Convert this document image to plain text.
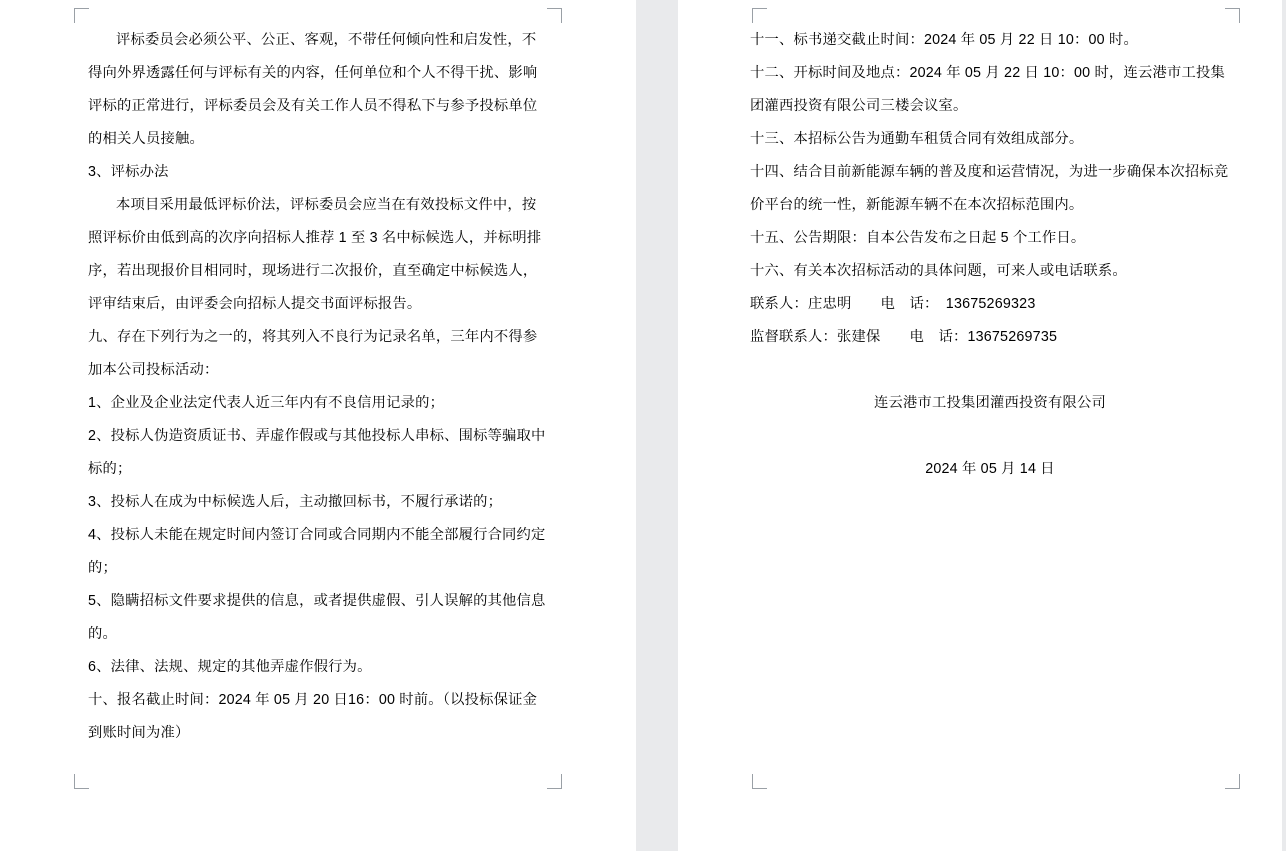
评标委员会必须公平、公正、客观，不带任何倾向性和启发性，不得向外界透露任何与评标有关的内容，任何单位和个人不得干扰、影响评标的正常进行，评标委员会及有关工作人员不得私下与参予投标单位的相关人员接触。

3、评标办法

本项目采用最低评标价法，评标委员会应当在有效投标文件中，按照评标价由低到高的次序向招标人推荐 1 至 3 名中标候选人，并标明排序，若出现报价目相同时，现场进行二次报价，直至确定中标候选人，评审结束后，由评委会向招标人提交书面评标报告。

九、存在下列行为之一的，将其列入不良行为记录名单，三年内不得参加本公司投标活动：

1、企业及企业法定代表人近三年内有不良信用记录的；

2、投标人伪造资质证书、弄虚作假或与其他投标人串标、围标等骗取中标的；

3、投标人在成为中标候选人后，主动撤回标书，不履行承诺的；

4、投标人未能在规定时间内签订合同或合同期内不能全部履行合同约定的；

5、隐瞒招标文件要求提供的信息，或者提供虚假、引人误解的其他信息的。

6、法律、法规、规定的其他弄虚作假行为。

十、报名截止时间：2024 年 05 月 20 日16：00 时前。（以投标保证金到账时间为准）

十一、标书递交截止时间：2024 年 05 月 22 日 10：00 时。

十二、开标时间及地点：2024 年 05 月 22 日 10：00 时，连云港市工投集团灌西投资有限公司三楼会议室。

十三、本招标公告为通勤车租赁合同有效组成部分。

十四、结合目前新能源车辆的普及度和运营情况，为进一步确保本次招标竞价平台的统一性，新能源车辆不在本次招标范围内。

十五、公告期限：自本公告发布之日起 5 个工作日。

十六、有关本次招标活动的具体问题，可来人或电话联系。

联系人：庄忠明　　电　话：　13675269323

监督联系人：张建保　　电　话：13675269735

连云港市工投集团灌西投资有限公司

2024 年 05 月 14 日
